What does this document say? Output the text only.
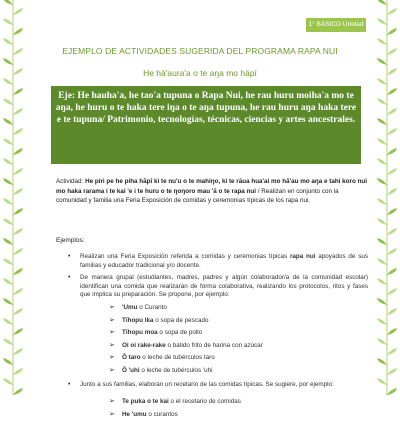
1° BÁSICO Unidad 3
EJEMPLO DE ACTIVIDADES SUGERIDA DEL PROGRAMA RAPA NUI
He hā'aura'a o te aŋa mo hāpī
Eje: He hauha'a, he tao'a tupuna o Rapa Nui, he rau huru moiha'a mo te aŋa, he huru o te haka tere iŋa o te aŋa tupuna, he rau huru aŋa haka tere e te tupuna/ Patrimonio, tecnologías, técnicas, ciencias y artes ancestrales.
Actividad: He piri pe he piha hāpī ki te nu'u o te mahiŋo, ki te rāua hua'ai mo hā'au mo aŋa e tahi koro nui mo haka rarama i te kai 'e i te huru o te ŋoŋoro mau 'ā o te rapa nui / Realizan en conjunto con la comunidad y familia una Feria Exposición de comidas y ceremonias típicas de los rapa nui.
Ejemplos:
• Realizan una Feria Exposición referida a comidas y ceremonias típicas rapa nui apoyados de sus familias y educador tradicional y/o docente.
• De manera grupal (estudiantes, madres, padres y algún colaborador/a de la comunidad escolar) identifican una comida que realizarán de forma colaborativa, realizando los protocolos, ritos y fases que implica su preparación. Se propone, por ejemplo:
➢ 'Umu o Curanto
➢ Tīhopu lka o sopa de pescado
➢ Tīhopu moa o sopa de pollo
➢ Oi oi rake-rake o batido frito de harina con azúcar
➢ Ō taro o leche de tubérculos taro
➢ Ō 'uhi o leche de tubérculos 'uhi
• Junto a sus familias, elaboran un recetario de las comidas típicas. Se sugiere, por ejemplo:
➢ Te puka o te kai o el recetario de comidas
➢ He 'umu o curantos
